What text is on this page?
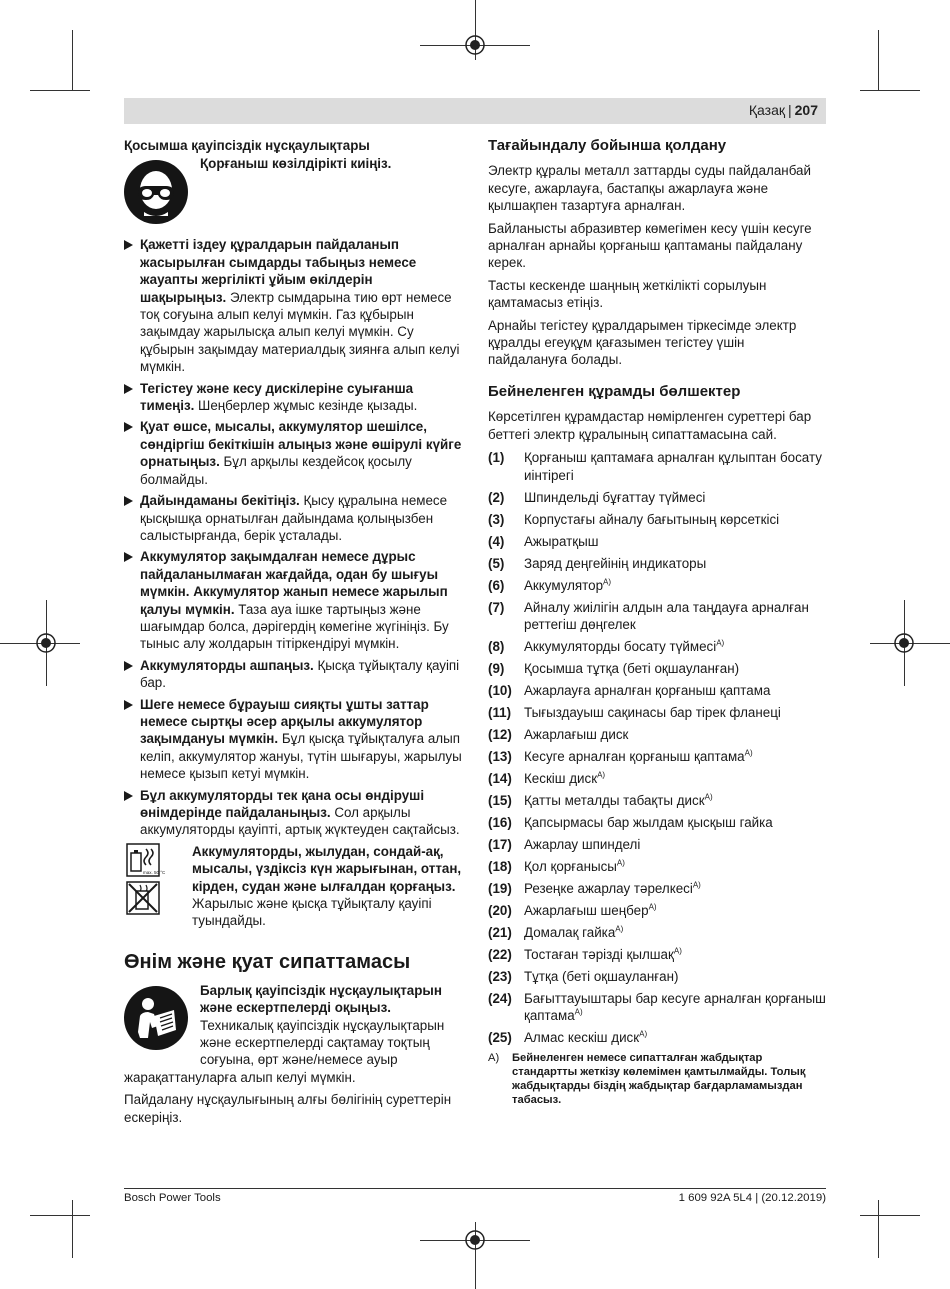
Қазақ | 207
Қосымша қауіпсіздік нұсқаулықтары
Қорғаныш көзілдірікті киіңіз.
Қажетті іздеу құралдарын пайдаланып жасырылған сымдарды табыңыз немесе жауапты жергілікті ұйым өкілдерін шақырыңыз. Электр сымдарына тию өрт немесе тоқ соғуына алып келуі мүмкін. Газ құбырын зақымдау жарылысқа алып келуі мүмкін. Су құбырын зақымдау материалдық зиянға алып келуі мүмкін.
Тегістеу және кесу дискілеріне суығанша тимеңіз. Шеңберлер жұмыс кезінде қызады.
Қуат өшсе, мысалы, аккумулятор шешілсе, сөндіргіш бекіткішін алыңыз және өшірулі күйге орнатыңыз. Бұл арқылы кездейсоқ қосылу болмайды.
Дайындаманы бекітіңіз. Қысу құралына немесе қысқышқа орнатылған дайындама қолыңызбен салыстырғанда, берік ұсталады.
Аккумулятор зақымдалған немесе дұрыс пайдаланылмаған жағдайда, одан бу шығуы мүмкін. Аккумулятор жанып немесе жарылып қалуы мүмкін. Таза ауа ішке тартыңыз және шағымдар болса, дәрігердің көмегіне жүгініңіз. Бу тыныс алу жолдарын тітіркендіруі мүмкін.
Аккумуляторды ашпаңыз. Қысқа тұйықталу қауіпі бар.
Шеге немесе бұрауыш сияқты ұшты заттар немесе сыртқы әсер арқылы аккумулятор зақымдануы мүмкін. Бұл қысқа тұйықталуға алып келіп, аккумулятор жануы, түтін шығаруы, жарылуы немесе қызып кетуі мүмкін.
Бұл аккумуляторды тек қана осы өндіруші өнімдерінде пайдаланыңыз. Сол арқылы аккумуляторды қауіпті, артық жүктеуден сақтайсыз.
max. 50 °C
Аккумуляторды, жылудан, сондай-ақ, мысалы, үздіксіз күн жарығынан, оттан, кірден, судан және ылғалдан қорғаңыз. Жарылыс және қысқа тұйықталу қауіпі туындайды.
Өнім және қуат сипаттамасы

Барлық қауіпсіздік нұсқаулықтарын және ескертпелерді оқыңыз. Техникалық қауіпсіздік нұсқаулықтарын және ескертпелерді сақтамау тоқтың соғуына, өрт және/немесе ауыр жарақаттануларға алып келуі мүмкін.

Пайдалану нұсқаулығының алғы бөлігінің суреттерін ескеріңіз.

Тағайындалу бойынша қолдану

Электр құралы металл заттарды суды пайдаланбай кесуге, ажарлауға, бастапқы ажарлауға және қылшақпен тазартуға арналған.

Байланысты абразивтер көмегімен кесу үшін кесуге арналған арнайы қорғаныш қаптаманы пайдалану керек.

Тасты кескенде шаңның жеткілікті сорылуын қамтамасыз етіңіз.

Арнайы тегістеу құралдарымен тіркесімде электр құралды егеуқұм қағазымен тегістеу үшін пайдалануға болады.

Бейнеленген құрамды бөлшектер

Көрсетілген құрамдастар нөмірленген суреттері бар беттегі электр құралының сипаттамасына сай.

(1)	Қорғаныш қаптамаға арналған құлыптан босату иінтірегі
(2)	Шпиндельді бұғаттау түймесі
(3)	Корпустағы айналу бағытының көрсеткісі
(4)	Ажыратқыш
(5)	Заряд деңгейінің индикаторы
(6)	Аккумулятор$^{A)}$
(7)	Айналу жиілігін алдын ала таңдауға арналған реттегіш дөңгелек
(8)	Аккумуляторды босату түймесі$^{A)}$
(9)	Қосымша тұтқа (беті оқшауланған)
(10) Ажарлауға арналған қорғаныш қаптама
(11) Тығыздауыш сақинасы бар тірек фланецi
(12) Ажарлағыш диск
(13) Кесуге арналған қорғаныш қаптама$^{A)}$
(14) Кескіш диск$^{A)}$
(15) Қатты металды табақты диск$^{A)}$
(16) Қапсырмасы бар жылдам қысқыш гайка
(17) Ажарлау шпинделі
(18) Қол қорғанысы$^{A)}$
(19) Резеңке ажарлау тәрелкесі$^{A)}$
(20) Ажарлағыш шеңбер$^{A)}$
(21) Домалақ гайка$^{A)}$
(22) Тостаған тәрізді қылшақ$^{A)}$
(23) Тұтқа (беті оқшауланған)
(24) Бағыттауыштары бар кесуге арналған қорғаныш қаптама$^{A)}$
(25) Алмас кескіш диск$^{A)}$
A)	Бейнеленген немесе сипатталған жабдықтар стандартты жеткізу көлемімен қамтылмайды. Толық жабдықтарды біздің жабдықтар бағдарламамыздан табасыз.
Bosch Power Tools	1 609 92A 5L4 | (20.12.2019)
